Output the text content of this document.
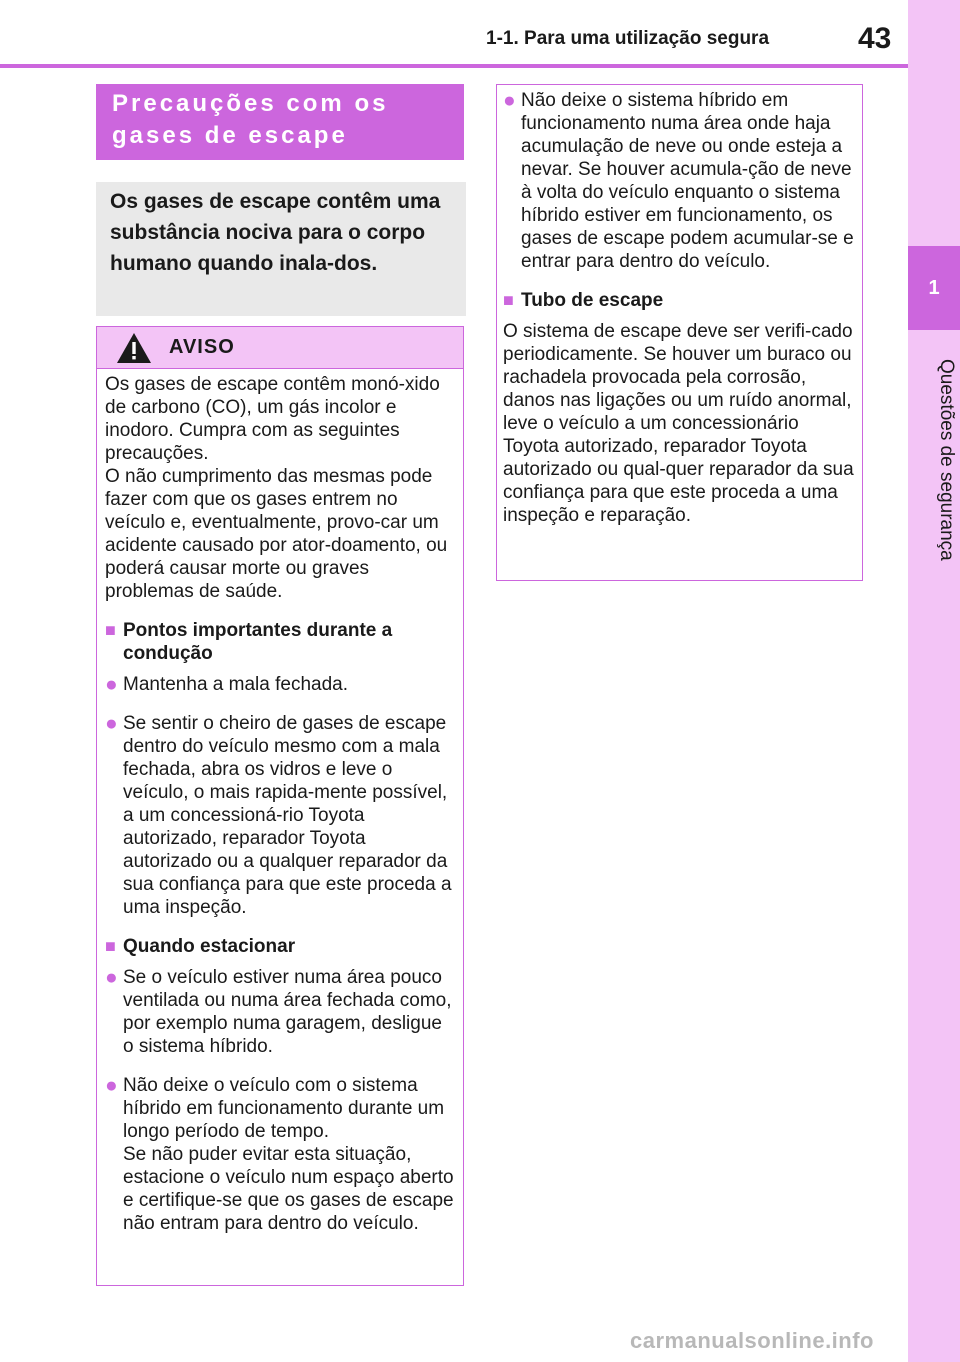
1-1. Para uma utilização segura	43
1
Questões de segurança
Precauções com os gases de escape
Os gases de escape contêm uma substância nociva para o corpo humano quando inala-dos.
AVISO

Os gases de escape contêm monó-xido de carbono (CO), um gás incolor e inodoro. Cumpra com as seguintes precauções.
O não cumprimento das mesmas pode fazer com que os gases entrem no veículo e, eventualmente, provo-car um acidente causado por ator-doamento, ou poderá causar morte ou graves problemas de saúde.

■ Pontos importantes durante a condução
● Mantenha a mala fechada.
● Se sentir o cheiro de gases de escape dentro do veículo mesmo com a mala fechada, abra os vidros e leve o veículo, o mais rapida-mente possível, a um concessioná-rio Toyota autorizado, reparador Toyota autorizado ou a qualquer reparador da sua confiança para que este proceda a uma inspeção.
■ Quando estacionar
● Se o veículo estiver numa área pouco ventilada ou numa área fechada como, por exemplo numa garagem, desligue o sistema híbrido.
● Não deixe o veículo com o sistema híbrido em funcionamento durante um longo período de tempo.
Se não puder evitar esta situação, estacione o veículo num espaço aberto e certifique-se que os gases de escape não entram para dentro do veículo.
● Não deixe o sistema híbrido em funcionamento numa área onde haja acumulação de neve ou onde esteja a nevar. Se houver acumula-ção de neve à volta do veículo enquanto o sistema híbrido estiver em funcionamento, os gases de escape podem acumular-se e entrar para dentro do veículo.
■ Tubo de escape

O sistema de escape deve ser verifi-cado periodicamente. Se houver um buraco ou rachadela provocada pela corrosão, danos nas ligações ou um ruído anormal, leve o veículo a um concessionário Toyota autorizado, reparador Toyota autorizado ou qual-quer reparador da sua confiança para que este proceda a uma inspeção e reparação.

carmanualsonline.info
